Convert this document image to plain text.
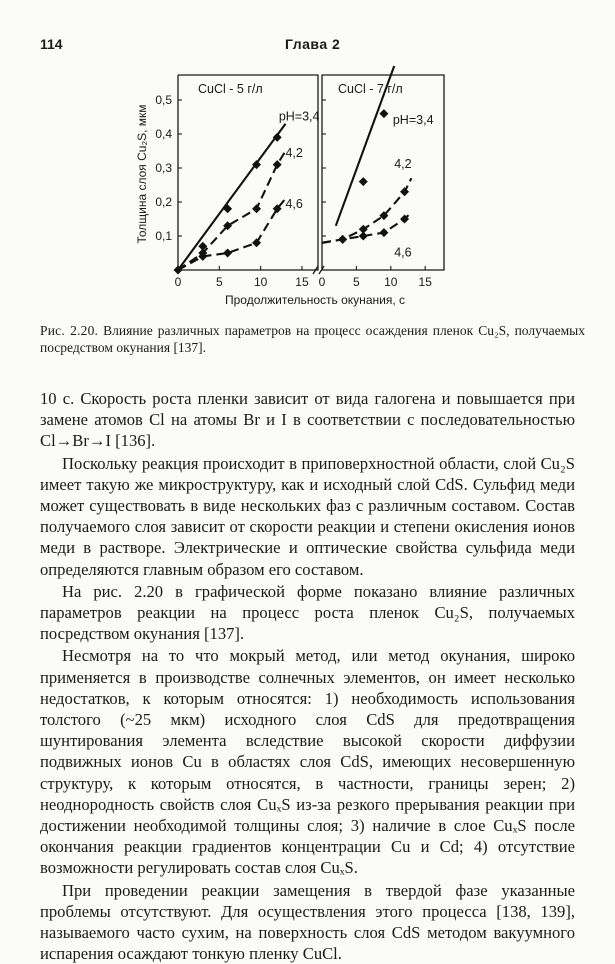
114	Глава 2
0	5	10 15
0,1
0,2
0,3
0,4
0,5
0 5 10 15
pH=3,4
4,2
4,6
pH=3,4
4,2
4,6
CuCl - 5 г/л	CuCl - 7 г/л
Толщина слоя Cu₂S, мкм
Продолжительность окунания, с
Рис. 2.20. Влияние различных параметров на процесс осаждения пленок Cu₂S, получаемых посредством окунания [137].

10 с. Скорость роста пленки зависит от вида галогена и повышается при замене атомов Cl на атомы Br и I в соответствии с последовательностью Cl→Br→I [136].

Поскольку реакция происходит в приповерхностной области, слой Cu₂S имеет такую же микроструктуру, как и исходный слой CdS. Сульфид меди может существовать в виде нескольких фаз с различным составом. Состав получаемого слоя зависит от скорости реакции и степени окисления ионов меди в растворе. Электрические и оптические свойства сульфида меди определяются главным образом его составом.

На рис. 2.20 в графической форме показано влияние различных параметров реакции на процесс роста пленок Cu₂S, получаемых посредством окунания [137].

Несмотря на то что мокрый метод, или метод окунания, широко применяется в производстве солнечных элементов, он имеет несколько недостатков, к которым относятся: 1) необходимость использования толстого (~25 мкм) исходного слоя CdS для предотвращения шунтирования элемента вследствие высокой скорости диффузии подвижных ионов Cu в областях слоя CdS, имеющих несовершенную структуру, к которым относятся, в частности, границы зерен; 2) неоднородность свойств слоя CuₓS из-за резкого прерывания реакции при достижении необходимой толщины слоя; 3) наличие в слое CuₓS после окончания реакции градиентов концентрации Cu и Cd; 4) отсутствие возможности регулировать состав слоя CuₓS.

При проведении реакции замещения в твердой фазе указанные проблемы отсутствуют. Для осуществления этого процесса [138, 139], называемого часто сухим, на поверхность слоя CdS методом вакуумного испарения осаждают тонкую пленку CuCl.
